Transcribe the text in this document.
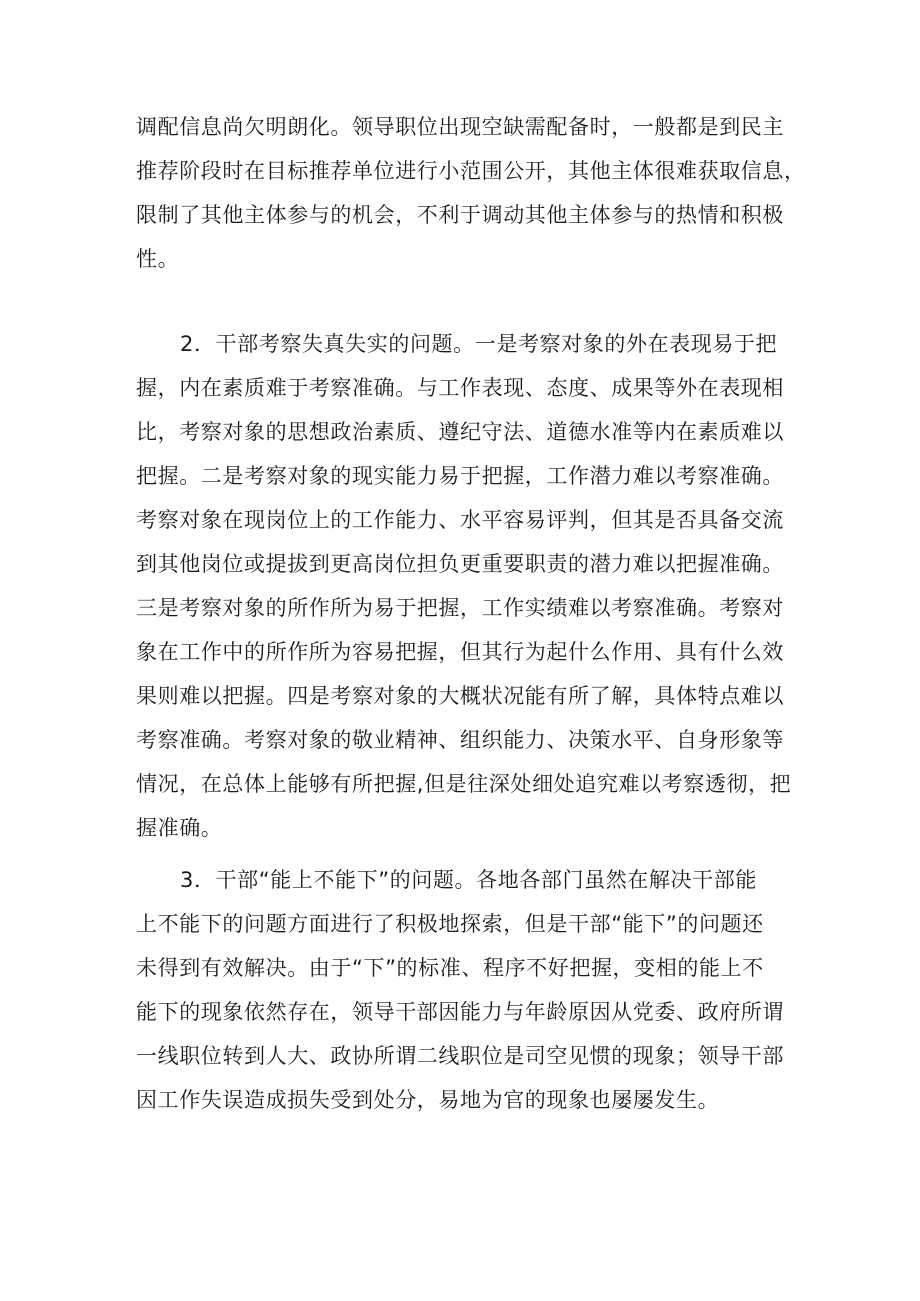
调配信息尚欠明朗化。领导职位出现空缺需配备时，一般都是到民主
推荐阶段时在目标推荐单位进行小范围公开，其他主体很难获取信息，
限制了其他主体参与的机会，不利于调动其他主体参与的热情和积极
性。
2．干部考察失真失实的问题。一是考察对象的外在表现易于把
握，内在素质难于考察准确。与工作表现、态度、成果等外在表现相
比，考察对象的思想政治素质、遵纪守法、道德水准等内在素质难以
把握。二是考察对象的现实能力易于把握，工作潜力难以考察准确。
考察对象在现岗位上的工作能力、水平容易评判，但其是否具备交流
到其他岗位或提拔到更高岗位担负更重要职责的潜力难以把握准确。
三是考察对象的所作所为易于把握，工作实绩难以考察准确。考察对
象在工作中的所作所为容易把握，但其行为起什么作用、具有什么效
果则难以把握。四是考察对象的大概状况能有所了解，具体特点难以
考察准确。考察对象的敬业精神、组织能力、决策水平、自身形象等
情况，在总体上能够有所把握,但是往深处细处追究难以考察透彻，把
握准确。
3．干部“能上不能下”的问题。各地各部门虽然在解决干部能
上不能下的问题方面进行了积极地探索，但是干部“能下”的问题还
未得到有效解决。由于“下”的标准、程序不好把握，变相的能上不
能下的现象依然存在，领导干部因能力与年龄原因从党委、政府所谓
一线职位转到人大、政协所谓二线职位是司空见惯的现象；领导干部
因工作失误造成损失受到处分，易地为官的现象也屡屡发生。
